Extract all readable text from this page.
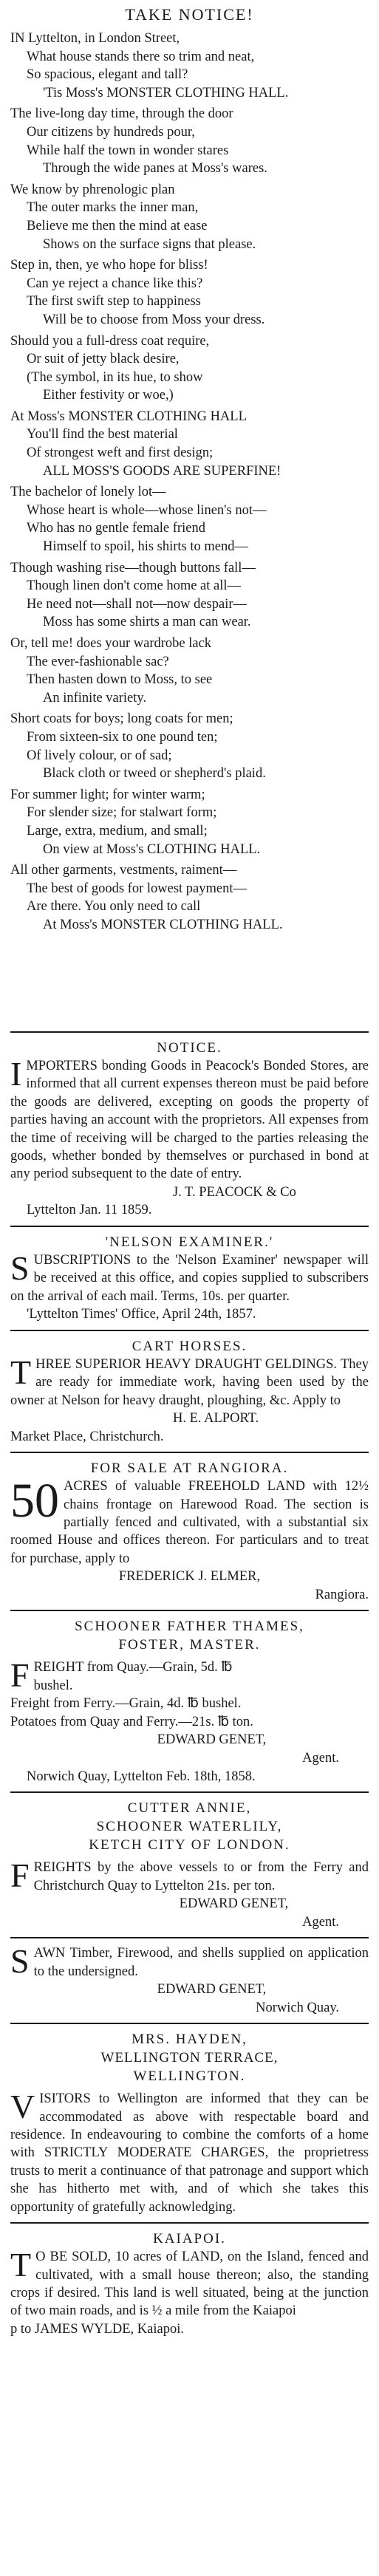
TAKE NOTICE!
IN Lyttelton, in London Street,
What house stands there so trim and neat,
So spacious, elegant and tall?
'Tis Moss's MONSTER CLOTHING HALL.
The live-long day time, through the door
Our citizens by hundreds pour,
While half the town in wonder stares
Through the wide panes at Moss's wares.
We know by phrenologic plan
The outer marks the inner man,
Believe me then the mind at ease
Shows on the surface signs that please.
Step in, then, ye who hope for bliss!
Can ye reject a chance like this?
The first swift step to happiness
Will be to choose from Moss your dress.
Should you a full-dress coat require,
Or suit of jetty black desire,
(The symbol, in its hue, to show
Either festivity or woe,)
At Moss's MONSTER CLOTHING HALL
You'll find the best material
Of strongest weft and first design;
ALL MOSS'S GOODS ARE SUPERFINE!
The bachelor of lonely lot—
Whose heart is whole—whose linen's not—
Who has no gentle female friend
Himself to spoil, his shirts to mend—
Though washing rise—though buttons fall—
Though linen don't come home at all—
He need not—shall not—now despair—
Moss has some shirts a man can wear.
Or, tell me! does your wardrobe lack
The ever-fashionable sac?
Then hasten down to Moss, to see
An infinite variety.
Short coats for boys; long coats for men;
From sixteen-six to one pound ten;
Of lively colour, or of sad;
Black cloth or tweed or shepherd's plaid.
For summer light; for winter warm;
For slender size; for stalwart form;
Large, extra, medium, and small;
On view at Moss's CLOTHING HALL.
All other garments, vestments, raiment—
The best of goods for lowest payment—
Are there. You only need to call
At Moss's MONSTER CLOTHING HALL.
NOTICE.
IMPORTERS bonding Goods in Peacock's Bonded Stores, are informed that all current expenses thereon must be paid before the goods are delivered, excepting on goods the property of parties having an account with the proprietors. All expenses from the time of receiving will be charged to the parties releasing the goods, whether bonded by themselves or purchased in bond at any period subsequent to the date of entry.
J. T. PEACOCK & Co
Lyttelton Jan. 11 1859.
'NELSON EXAMINER.'
SUBSCRIPTIONS to the 'Nelson Examiner' newspaper will be received at this office, and copies supplied to subscribers on the arrival of each mail. Terms, 10s. per quarter.
'Lyttelton Times' Office, April 24th, 1857.
CART HORSES.
THREE SUPERIOR HEAVY DRAUGHT GELDINGS. They are ready for immediate work, having been used by the owner at Nelson for heavy draught, ploughing, &c. Apply to
H. E. ALPORT.
Market Place, Christchurch.
FOR SALE AT RANGIORA.
50 ACRES of valuable FREEHOLD LAND with 12½ chains frontage on Harewood Road. The section is partially fenced and cultivated, with a substantial six roomed House and offices thereon. For particulars and to treat for purchase, apply to
FREDERICK J. ELMER,
Rangiora.
SCHOONER FATHER THAMES,
FOSTER, MASTER.
F REIGHT from Quay.—Grain, 5d. ℔
bushel.
Freight from Ferry.—Grain, 4d. ℔ bushel.
Potatoes from Quay and Ferry.—21s. ℔ ton.
EDWARD GENET,
Agent.
Norwich Quay, Lyttelton Feb. 18th, 1858.
CUTTER ANNIE,
SCHOONER WATERLILY,
KETCH CITY OF LONDON.
FREIGHTS by the above vessels to or from the Ferry and Christchurch Quay to Lyttelton 21s. per ton.
EDWARD GENET,
Agent.
SAWN Timber, Firewood, and shells supplied on application to the undersigned.
EDWARD GENET,
Norwich Quay.
MRS. HAYDEN,
WELLINGTON TERRACE,
WELLINGTON.
VISITORS to Wellington are informed that they can be accommodated as above with respectable board and residence. In endeavouring to combine the comforts of a home with STRICTLY MODERATE CHARGES, the proprietress trusts to merit a continuance of that patronage and support which she has hitherto met with, and of which she takes this opportunity of gratefully acknowledging.
KAIAPOI.
T O BE SOLD, 10 acres of LAND, on the Island, fenced and cultivated, with a small house thereon; also, the standing crops if desired. This land is well situated, being at the junction of two main roads, and is ½ a mile from the Kaiapoi
p to JAMES WYLDE, Kaiapoi.
